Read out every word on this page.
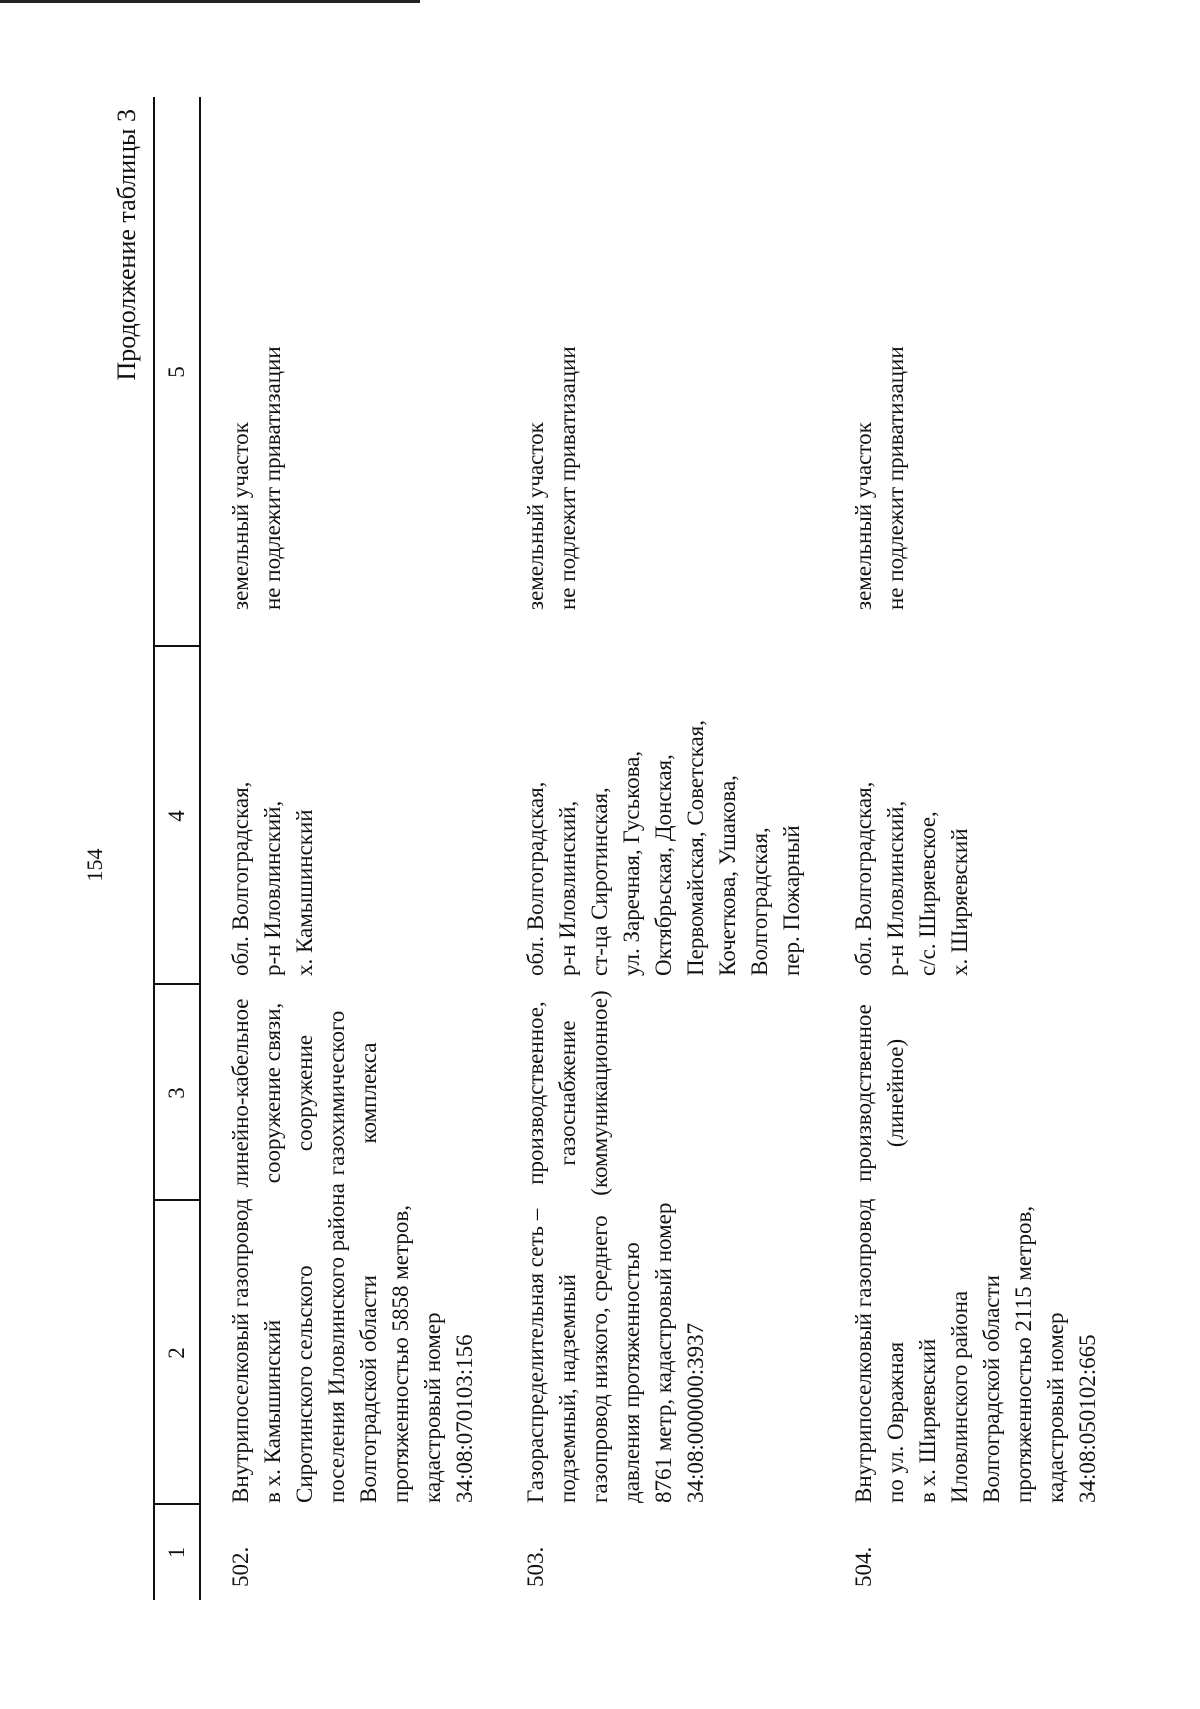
154
Продолжение таблицы 3
1
2
3
4
5
502.
Внутрипоселковый газопровод в х. Камышинский Сиротинского сельского поселения Иловлинского района Волгоградской области протяженностью 5858 метров, кадастровый номер 34:08:070103:156
линейно-кабельное сооружение связи, сооружение газохимического комплекса
обл. Волгоградская, р-н Иловлинский, х. Камышинский
земельный участок не подлежит приватизации
503.
Газораспределительная сеть – подземный, надземный газопровод низкого, среднего давления протяженностью 8761 метр, кадастровый номер 34:08:000000:3937
производственное, газоснабжение (коммуникационное)
обл. Волгоградская, р-н Иловлинский, ст-ца Сиротинская, ул. Заречная, Гуськова, Октябрьская, Донская, Первомайская, Советская, Кочеткова, Ушакова, Волгоградская, пер. Пожарный
земельный участок не подлежит приватизации
504.
Внутрипоселковый газопровод по ул. Овражная в х. Ширяевский Иловлинского района Волгоградской области протяженностью 2115 метров, кадастровый номер 34:08:050102:665
производственное (линейное)
обл. Волгоградская, р-н Иловлинский, с/с. Ширяевское, х. Ширяевский
земельный участок не подлежит приватизации
